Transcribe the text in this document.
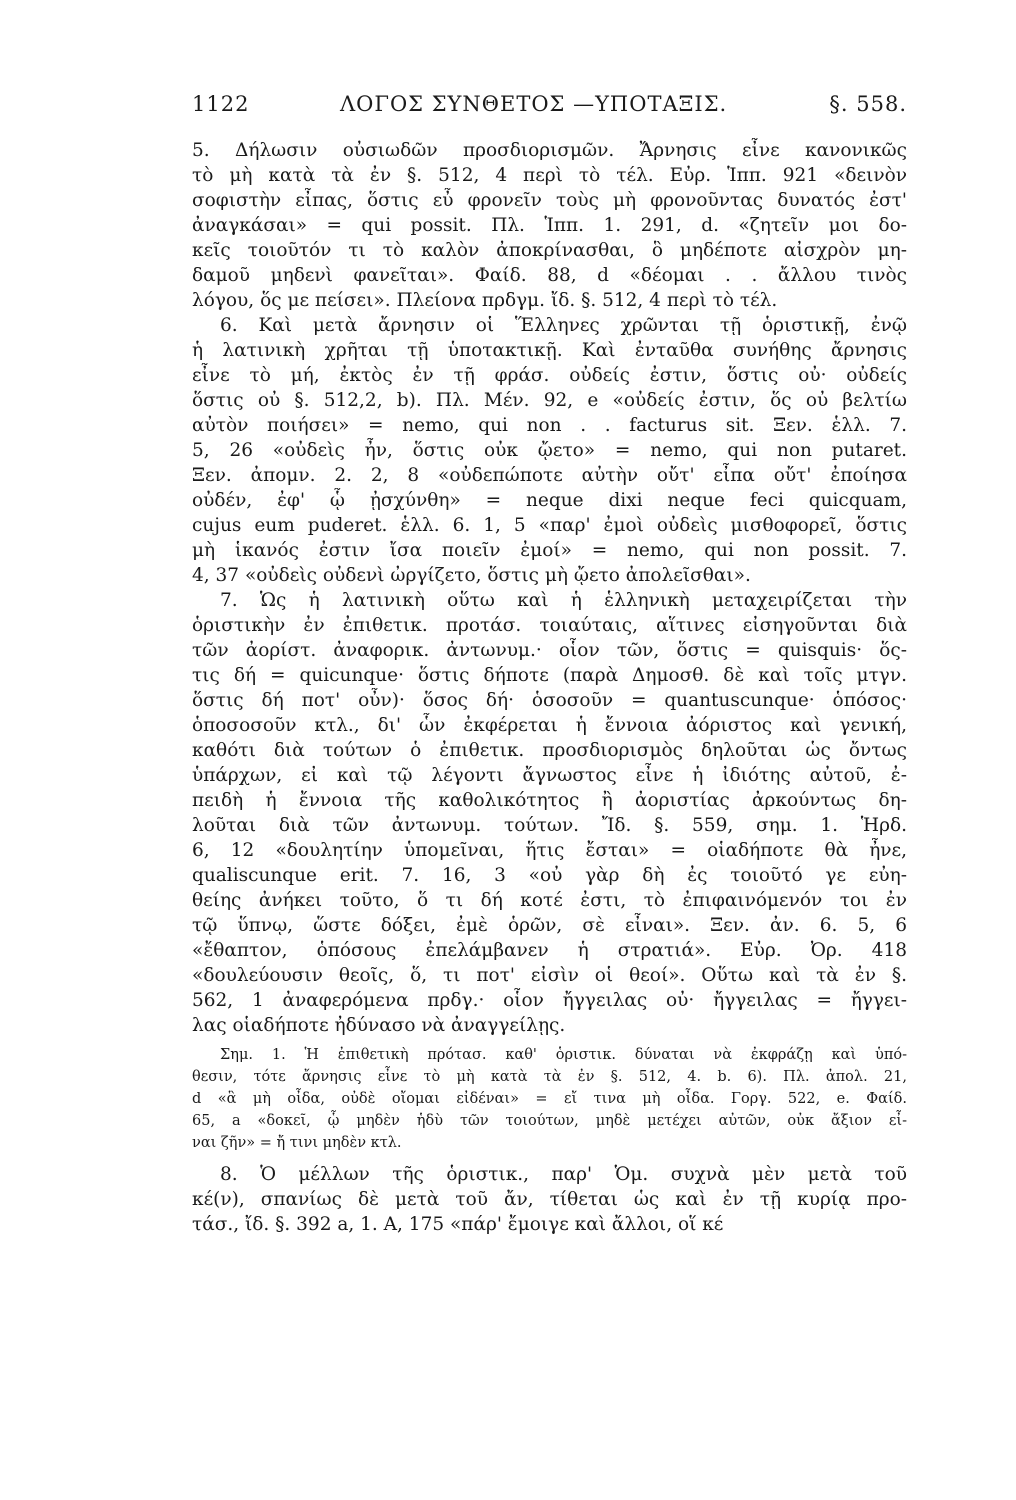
1122	ΛΟΓΟΣ ΣΥΝΘΕΤΟΣ —ΥΠΟΤΑΞΙΣ.	§. 558.
5. Δήλωσιν οὐσιωδῶν προσδιορισμῶν. Ἄρνησις εἶνε κανονικῶς
τὸ μὴ κατὰ τὰ ἐν §. 512, 4 περὶ τὸ τέλ. Εὐρ. Ἱππ. 921 «δεινὸν
σοφιστὴν εἶπας, ὅστις εὖ φρονεῖν τοὺς μὴ φρονοῦντας δυνατός ἐστ'
ἀναγκάσαι» = qui possit. Πλ. Ἱππ. 1. 291, d. «ζητεῖν μοι δο-
κεῖς τοιοῦτόν τι τὸ καλὸν ἀποκρίνασθαι, ὃ μηδέποτε αἰσχρὸν μη-
δαμοῦ μηδενὶ φανεῖται». Φαίδ. 88, d «δέομαι . . ἄλλου τινὸς
λόγου, ὅς με πείσει». Πλείονα πρδγμ. ἴδ. §. 512, 4 περὶ τὸ τέλ.
6. Καὶ μετὰ ἄρνησιν οἱ Ἕλληνες χρῶνται τῇ ὁριστικῇ, ἐνῷ
ἡ λατινικὴ χρῆται τῇ ὑποτακτικῇ. Καὶ ἐνταῦθα συνήθης ἄρνησις
εἶνε τὸ μή, ἐκτὸς ἐν τῇ φράσ. οὐδείς ἐστιν, ὅστις οὐ· οὐδείς
ὅστις οὐ §. 512,2, b). Πλ. Μέν. 92, e «οὐδείς ἐστιν, ὅς οὐ βελτίω
αὐτὸν ποιήσει» = nemo, qui non . . facturus sit. Ξεν. ἑλλ. 7.
5, 26 «οὐδεὶς ἦν, ὅστις οὐκ ᾤετο» = nemo, qui non putaret.
Ξεν. ἀπομν. 2. 2, 8 «οὐδεπώποτε αὐτὴν οὔτ' εἶπα οὔτ' ἐποίησα
οὐδέν, ἐφ' ᾧ ᾐσχύνθη» = neque dixi neque feci quicquam,
cujus eum puderet. ἑλλ. 6. 1, 5 «παρ' ἐμοὶ οὐδεὶς μισθοφορεῖ, ὅστις
μὴ ἱκανός ἐστιν ἴσα ποιεῖν ἐμοί» = nemo, qui non possit. 7.
4, 37 «οὐδεὶς οὐδενὶ ὠργίζετο, ὅστις μὴ ᾤετο ἀπολεῖσθαι».
7. Ὡς ἡ λατινικὴ οὕτω καὶ ἡ ἑλληνικὴ μεταχειρίζεται τὴν
ὁριστικὴν ἐν ἐπιθετικ. προτάσ. τοιαύταις, αἵτινες εἰσηγοῦνται διὰ
τῶν ἀορίστ. ἀναφορικ. ἀντωνυμ.· οἷον τῶν, ὅστις = quisquis· ὅς-
τις δή = quicunque· ὅστις δήποτε (παρὰ Δημοσθ. δὲ καὶ τοῖς μτγν.
ὅστις δή ποτ' οὖν)· ὅσος δή· ὁσοσοῦν = quantuscunque· ὁπόσος·
ὁποσοσοῦν κτλ., δι' ὧν ἐκφέρεται ἡ ἔννοια ἀόριστος καὶ γενική,
καθότι διὰ τούτων ὁ ἐπιθετικ. προσδιορισμὸς δηλοῦται ὡς ὄντως
ὑπάρχων, εἰ καὶ τῷ λέγοντι ἄγνωστος εἶνε ἡ ἰδιότης αὐτοῦ, ἐ-
πειδὴ ἡ ἔννοια τῆς καθολικότητος ἢ ἀοριστίας ἀρκούντως δη-
λοῦται διὰ τῶν ἀντωνυμ. τούτων. Ἴδ. §. 559, σημ. 1. Ἡρδ.
6, 12 «δουλητίην ὑπομεῖναι, ἥτις ἔσται» = οἱαδήποτε θὰ ἦνε,
qualiscunque erit. 7. 16, 3 «οὐ γὰρ δὴ ἐς τοιοῦτό γε εὐη-
θείης ἀνήκει τοῦτο, ὅ τι δή κοτέ ἐστι, τὸ ἐπιφαινόμενόν τοι ἐν
τῷ ὕπνῳ, ὥστε δόξει, ἐμὲ ὁρῶν, σὲ εἶναι». Ξεν. ἀν. 6. 5, 6
«ἔθαπτον, ὁπόσους ἐπελάμβανεν ἡ στρατιά». Εὐρ. Ὀρ. 418
«δουλεύουσιν θεοῖς, ὅ, τι ποτ' εἰσὶν οἱ θεοί». Οὕτω καὶ τὰ ἐν §.
562, 1 ἀναφερόμενα πρδγ.· οἷον ἤγγειλας οὐ· ἤγγειλας = ἤγγει-
λας οἱαδήποτε ἠδύνασο νὰ ἀναγγείλῃς.
Σημ. 1. Ἡ ἐπιθετικὴ πρότασ. καθ' ὁριστικ. δύναται νὰ ἐκφράζῃ καὶ ὑπό-
θεσιν, τότε ἄρνησις εἶνε τὸ μὴ κατὰ τὰ ἐν §. 512, 4. b. 6). Πλ. ἀπολ. 21,
d «ἃ μὴ οἶδα, οὐδὲ οἴομαι εἰδέναι» = εἴ τινα μὴ οἶδα. Γοργ. 522, e. Φαίδ.
65, a «δοκεῖ, ᾧ μηδὲν ἡδὺ τῶν τοιούτων, μηδὲ μετέχει αὐτῶν, οὐκ ἄξιον εἶ-
ναι ζῆν» = ἤ τινι μηδὲν κτλ.
8. Ὁ μέλλων τῆς ὁριστικ., παρ' Ὁμ. συχνὰ μὲν μετὰ τοῦ
κέ(ν), σπανίως δὲ μετὰ τοῦ ἄν, τίθεται ὡς καὶ ἐν τῇ κυρίᾳ προ-
τάσ., ἴδ. §. 392 a, 1. A, 175 «πάρ' ἔμοιγε καὶ ἄλλοι, οἵ κέ
